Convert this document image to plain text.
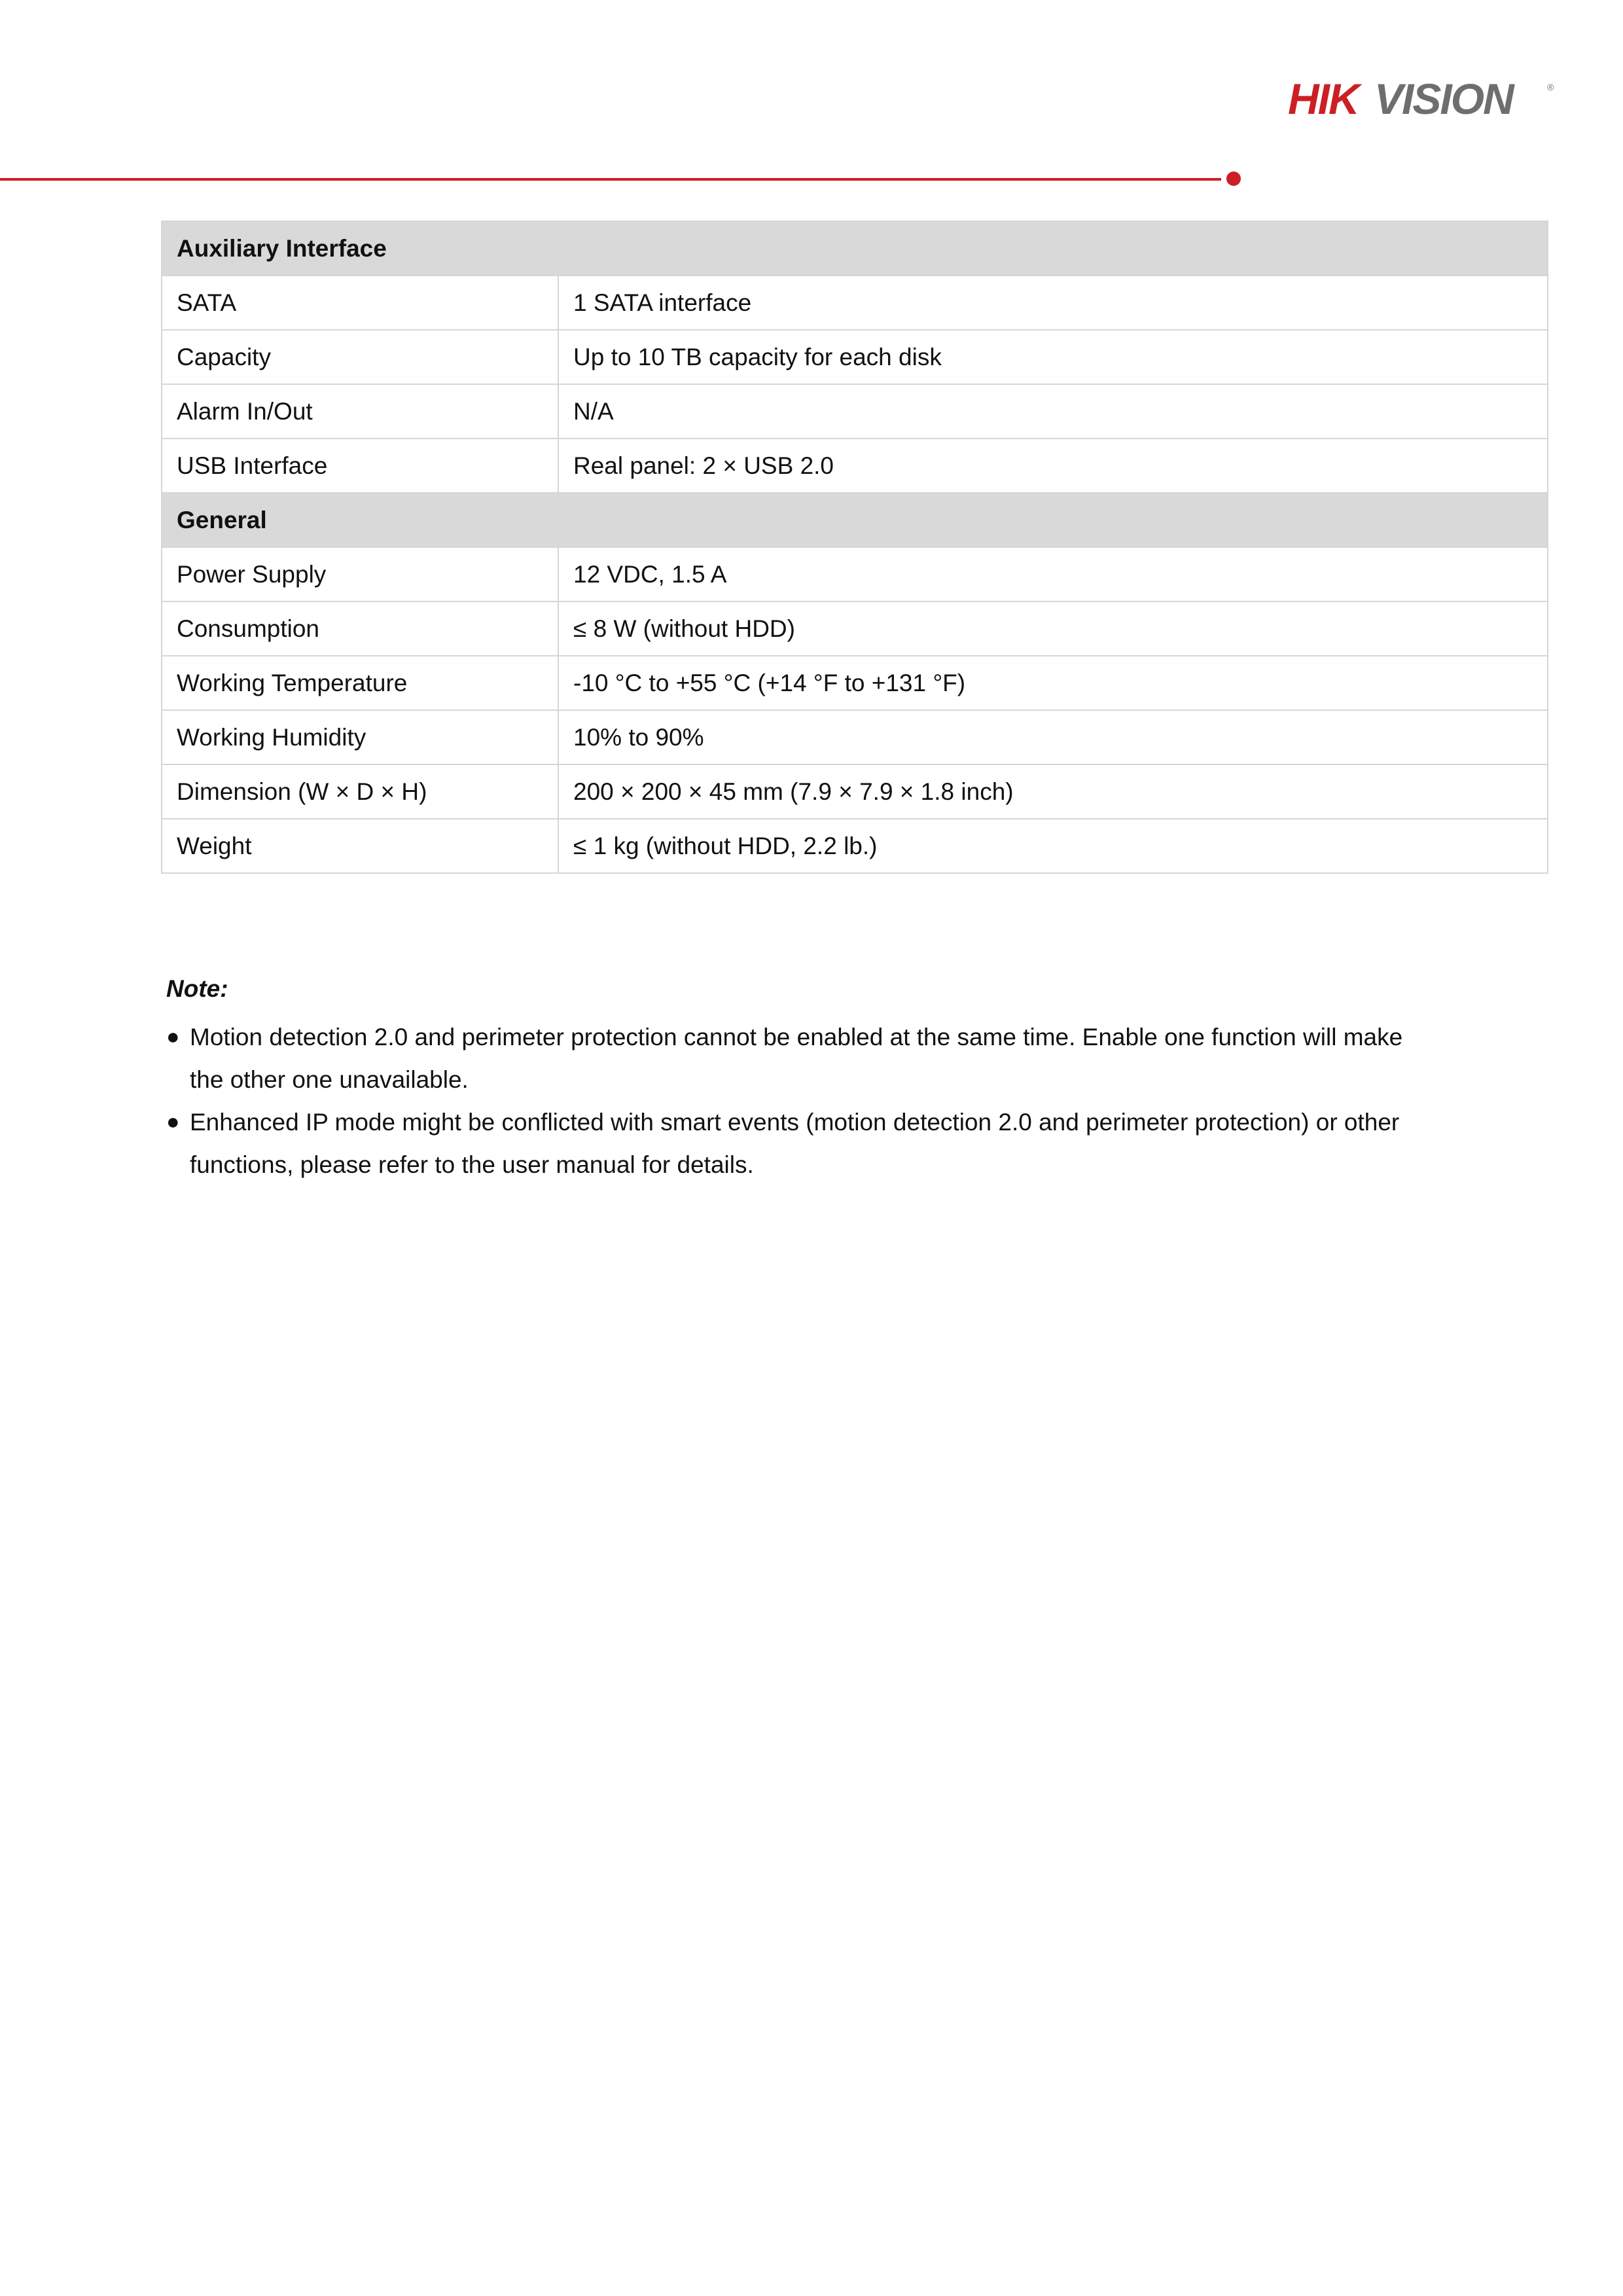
HIK VISION	®
Auxiliary Interface	
SATA	1 SATA interface
Capacity	Up to 10 TB capacity for each disk
Alarm In/Out	N/A
USB Interface	Real panel: 2 × USB 2.0
General	
Power Supply	12 VDC, 1.5 A
Consumption	≤ 8 W (without HDD)
Working Temperature	-10 °C to +55 °C (+14 °F to +131 °F)
Working Humidity	10% to 90%
Dimension (W × D × H)	200 × 200 × 45 mm (7.9 × 7.9 × 1.8 inch)
Weight	≤ 1 kg (without HDD, 2.2 lb.)
Note:
● Motion detection 2.0 and perimeter protection cannot be enabled at the same time. Enable one function will make the other one unavailable.
● Enhanced IP mode might be conflicted with smart events (motion detection 2.0 and perimeter protection) or other functions, please refer to the user manual for details.
